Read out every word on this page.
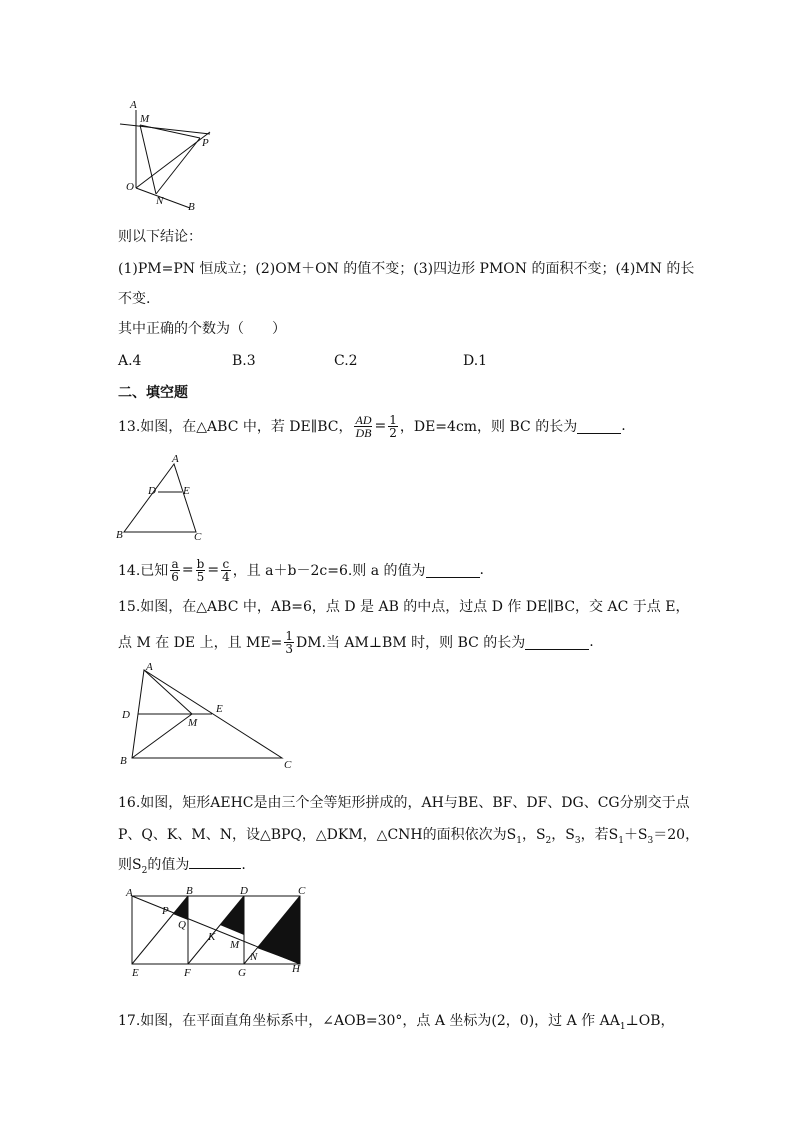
A
M
P
O
N B
则以下结论：
(1)PM=PN 恒成立；(2)OM＋ON 的值不变；(3)四边形 PMON 的面积不变；(4)MN 的长
不变.
其中正确的个数为（　　）
A.4	B.3	C.2	D.1
二、填空题
13.如图，在△ABC 中，若 DE∥BC， $\frac{AD}{DB} = \frac{1}{2}$ ，DE=4cm，则 BC 的长为	.
A
D E
B	C
14.已知 $\frac{a}{6} = \frac{b}{5} = \frac{c}{4}$ ，且 a＋b－2c=6.则 a 的值为	.
15.如图，在△ABC 中，AB=6，点 D 是 AB 的中点，过点 D 作 DE∥BC，交 AC 于点 E，
点 M 在 DE 上，且 $ME= \frac{1}{3}$ DM.当 AM⊥BM 时，则 BC 的长为	.
A
D
M
E
B	C
16.如图，矩形AEHC是由三个全等矩形拼成的，AH与BE、BF、DF、DG、CG分别交于点
P、Q、K、M、N，设△BPQ，△DKM，△CNH的面积依次为$S_1$，$S_2$，$S_3$，若$S_1+S_3=20$，
则$S_2$的值为	.
A	B	D	C
P
Q
K
M
N
E	F	G	H
17.如图，在平面直角坐标系中，∠AOB=30°，点 A 坐标为(2，0)，过 A 作 $AA_1\perp OB$，
